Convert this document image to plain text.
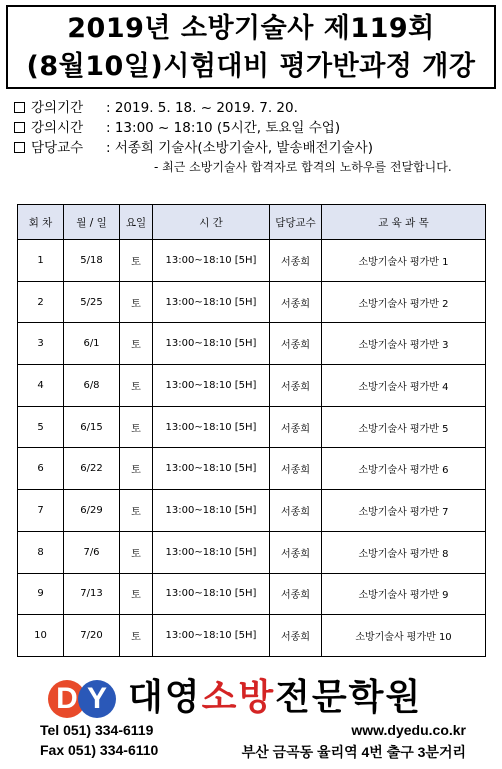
2019년 소방기술사 제119회
(8월10일)시험대비 평가반과정 개강
강의기간 : 2019. 5. 18. ~ 2019. 7. 20.
강의시간 : 13:00 ~ 18:10 (5시간, 토요일 수업)
담당교수 : 서종희 기술사(소방기술사, 발송배전기술사)
- 최근 소방기술사 합격자로 합격의 노하우를 전달합니다.
회 차	월 / 일	요일	시 간	담당교수	교 육 과 목
1	5/18	토	13:00~18:10 [5H]	서종희	소방기술사 평가반 1
2	5/25	토	13:00~18:10 [5H]	서종희	소방기술사 평가반 2
3	6/1	토	13:00~18:10 [5H]	서종희	소방기술사 평가반 3
4	6/8	토	13:00~18:10 [5H]	서종희	소방기술사 평가반 4
5	6/15	토	13:00~18:10 [5H]	서종희	소방기술사 평가반 5
6	6/22	토	13:00~18:10 [5H]	서종희	소방기술사 평가반 6
7	6/29	토	13:00~18:10 [5H]	서종희	소방기술사 평가반 7
8	7/6	토	13:00~18:10 [5H]	서종희	소방기술사 평가반 8
9	7/13	토	13:00~18:10 [5H]	서종희	소방기술사 평가반 9
10	7/20	토	13:00~18:10 [5H]	서종희	소방기술사 평가반 10
D Y 대영소방전문학원
Tel 051) 334-6119	www.dyedu.co.kr
Fax 051) 334-6110	부산 금곡동 율리역 4번 출구 3분거리
